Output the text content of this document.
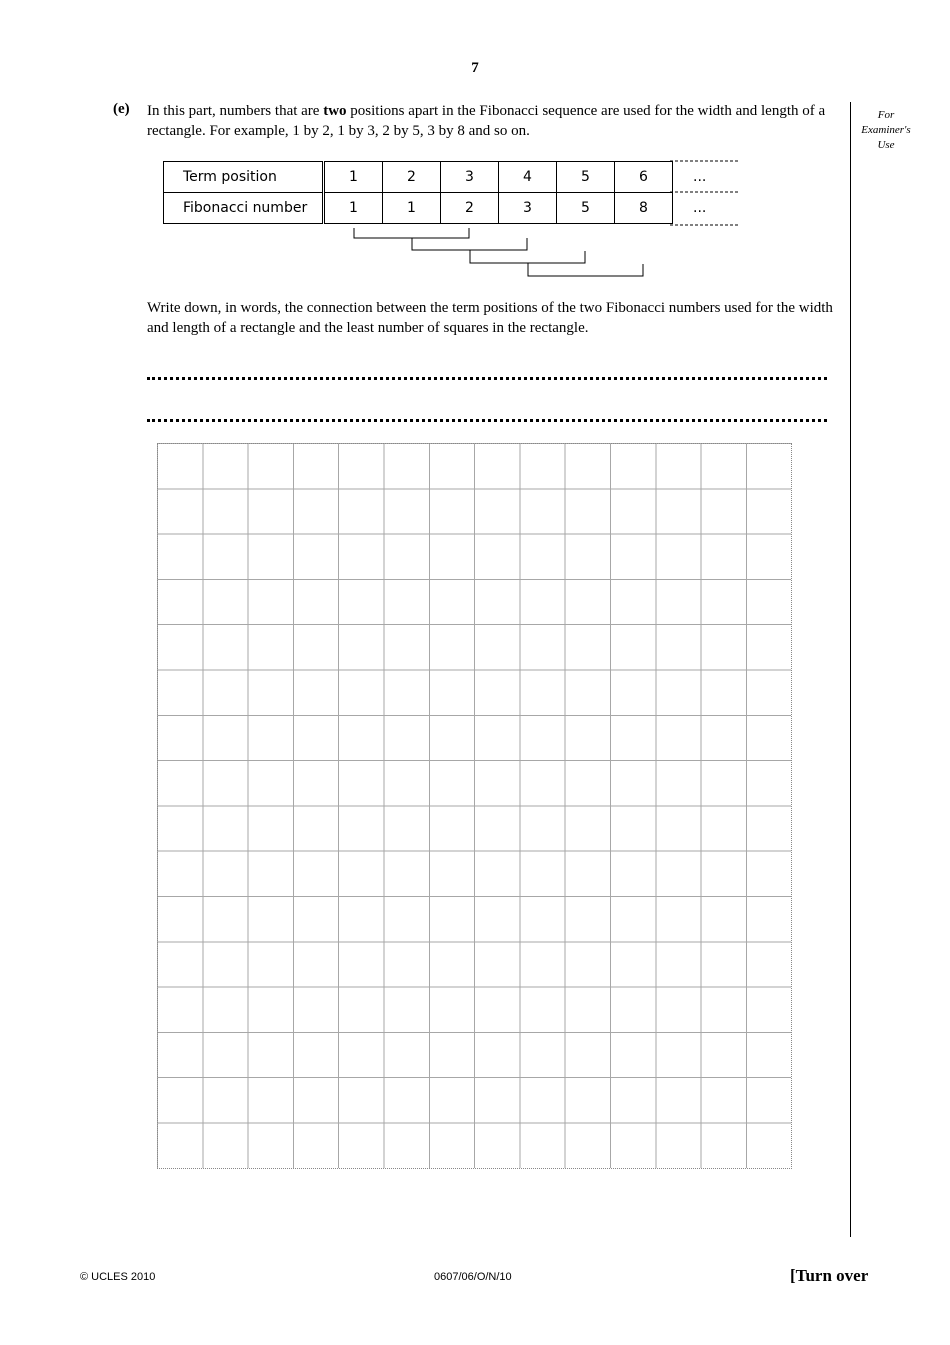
7
(e) In this part, numbers that are two positions apart in the Fibonacci sequence are used for the width and length of a rectangle. For example, 1 by 2, 1 by 3, 2 by 5, 3 by 8 and so on.
For Examiner's Use
Term position	1	2	3	4	5	6	...
Fibonacci number	1	1	2	3	5	8	...
Write down, in words, the connection between the term positions of the two Fibonacci numbers used for the width and length of a rectangle and the least number of squares in the rectangle.
© UCLES 2010	0607/06/O/N/10	[Turn over
